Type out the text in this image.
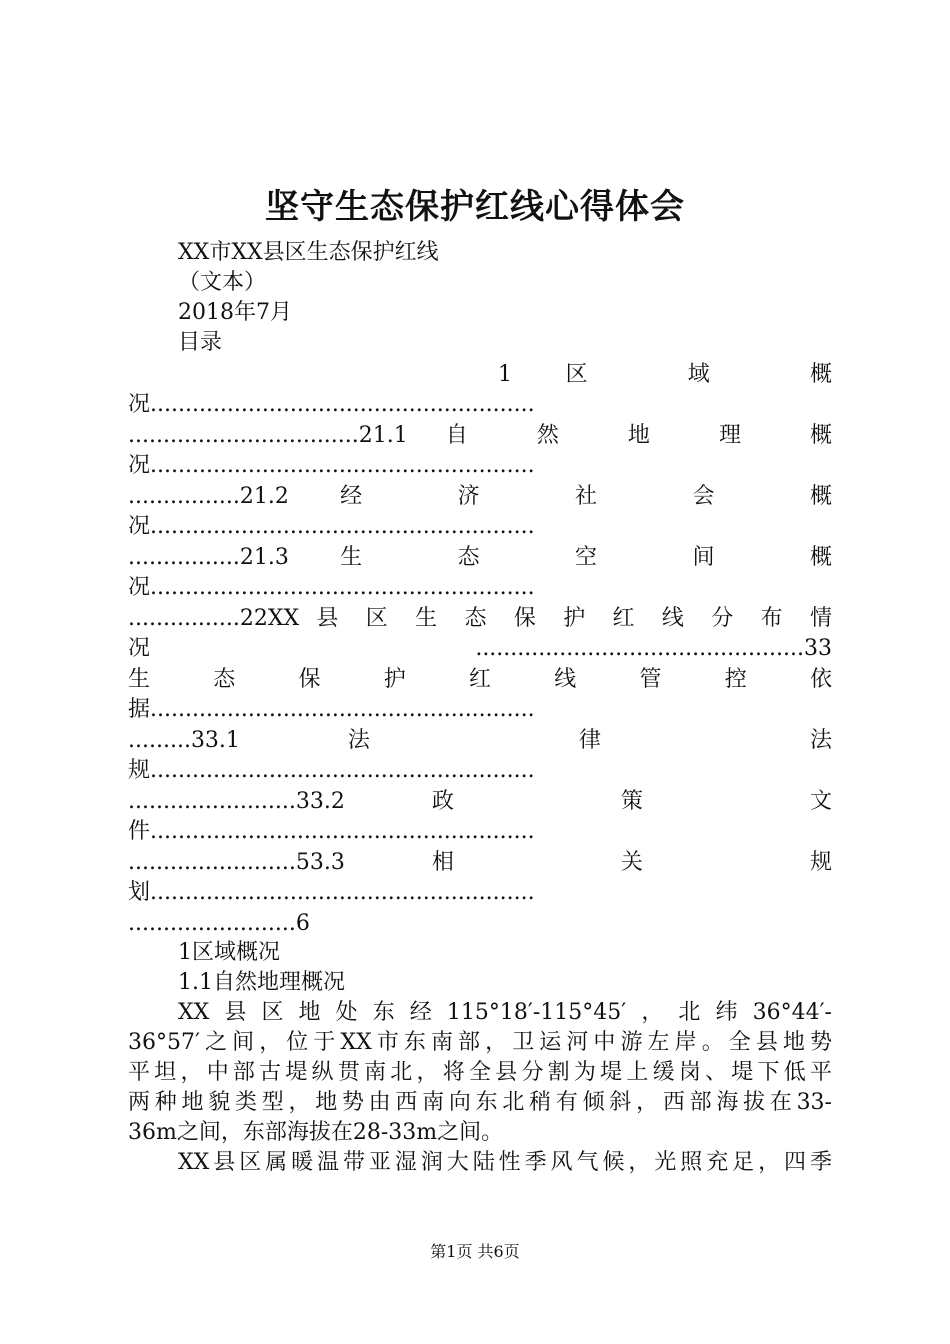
坚守生态保护红线心得体会
XX市XX县区生态保护红线
（文本）
2018年7月
目录
1 区 域 概
况.......................................................
.................................21.1 自 然 地 理 概
况.......................................................
................21.2 经 济 社 会 概
况.......................................................
................21.3 生 态 空 间 概
况.......................................................
................22XX 县 区 生 态 保 护 红 线 分 布 情
况 ...............................................33
生 态 保 护 红 线 管 控 依
据.......................................................
.........33.1 法 律 法
规.......................................................
........................33.2 政 策 文
件.......................................................
........................53.3 相 关 规
划.......................................................
........................6
1区域概况
1.1自然地理概况
XX县区地处东经115°18′-115°45′，北纬36°44′-
36°57′之间，位于XX市东南部，卫运河中游左岸。全县地势
平坦，中部古堤纵贯南北，将全县分割为堤上缓岗、堤下低平
两种地貌类型，地势由西南向东北稍有倾斜，西部海拔在33-
36m之间，东部海拔在28-33m之间。
XX县区属暖温带亚湿润大陆性季风气候，光照充足，四季
第1页 共6页
